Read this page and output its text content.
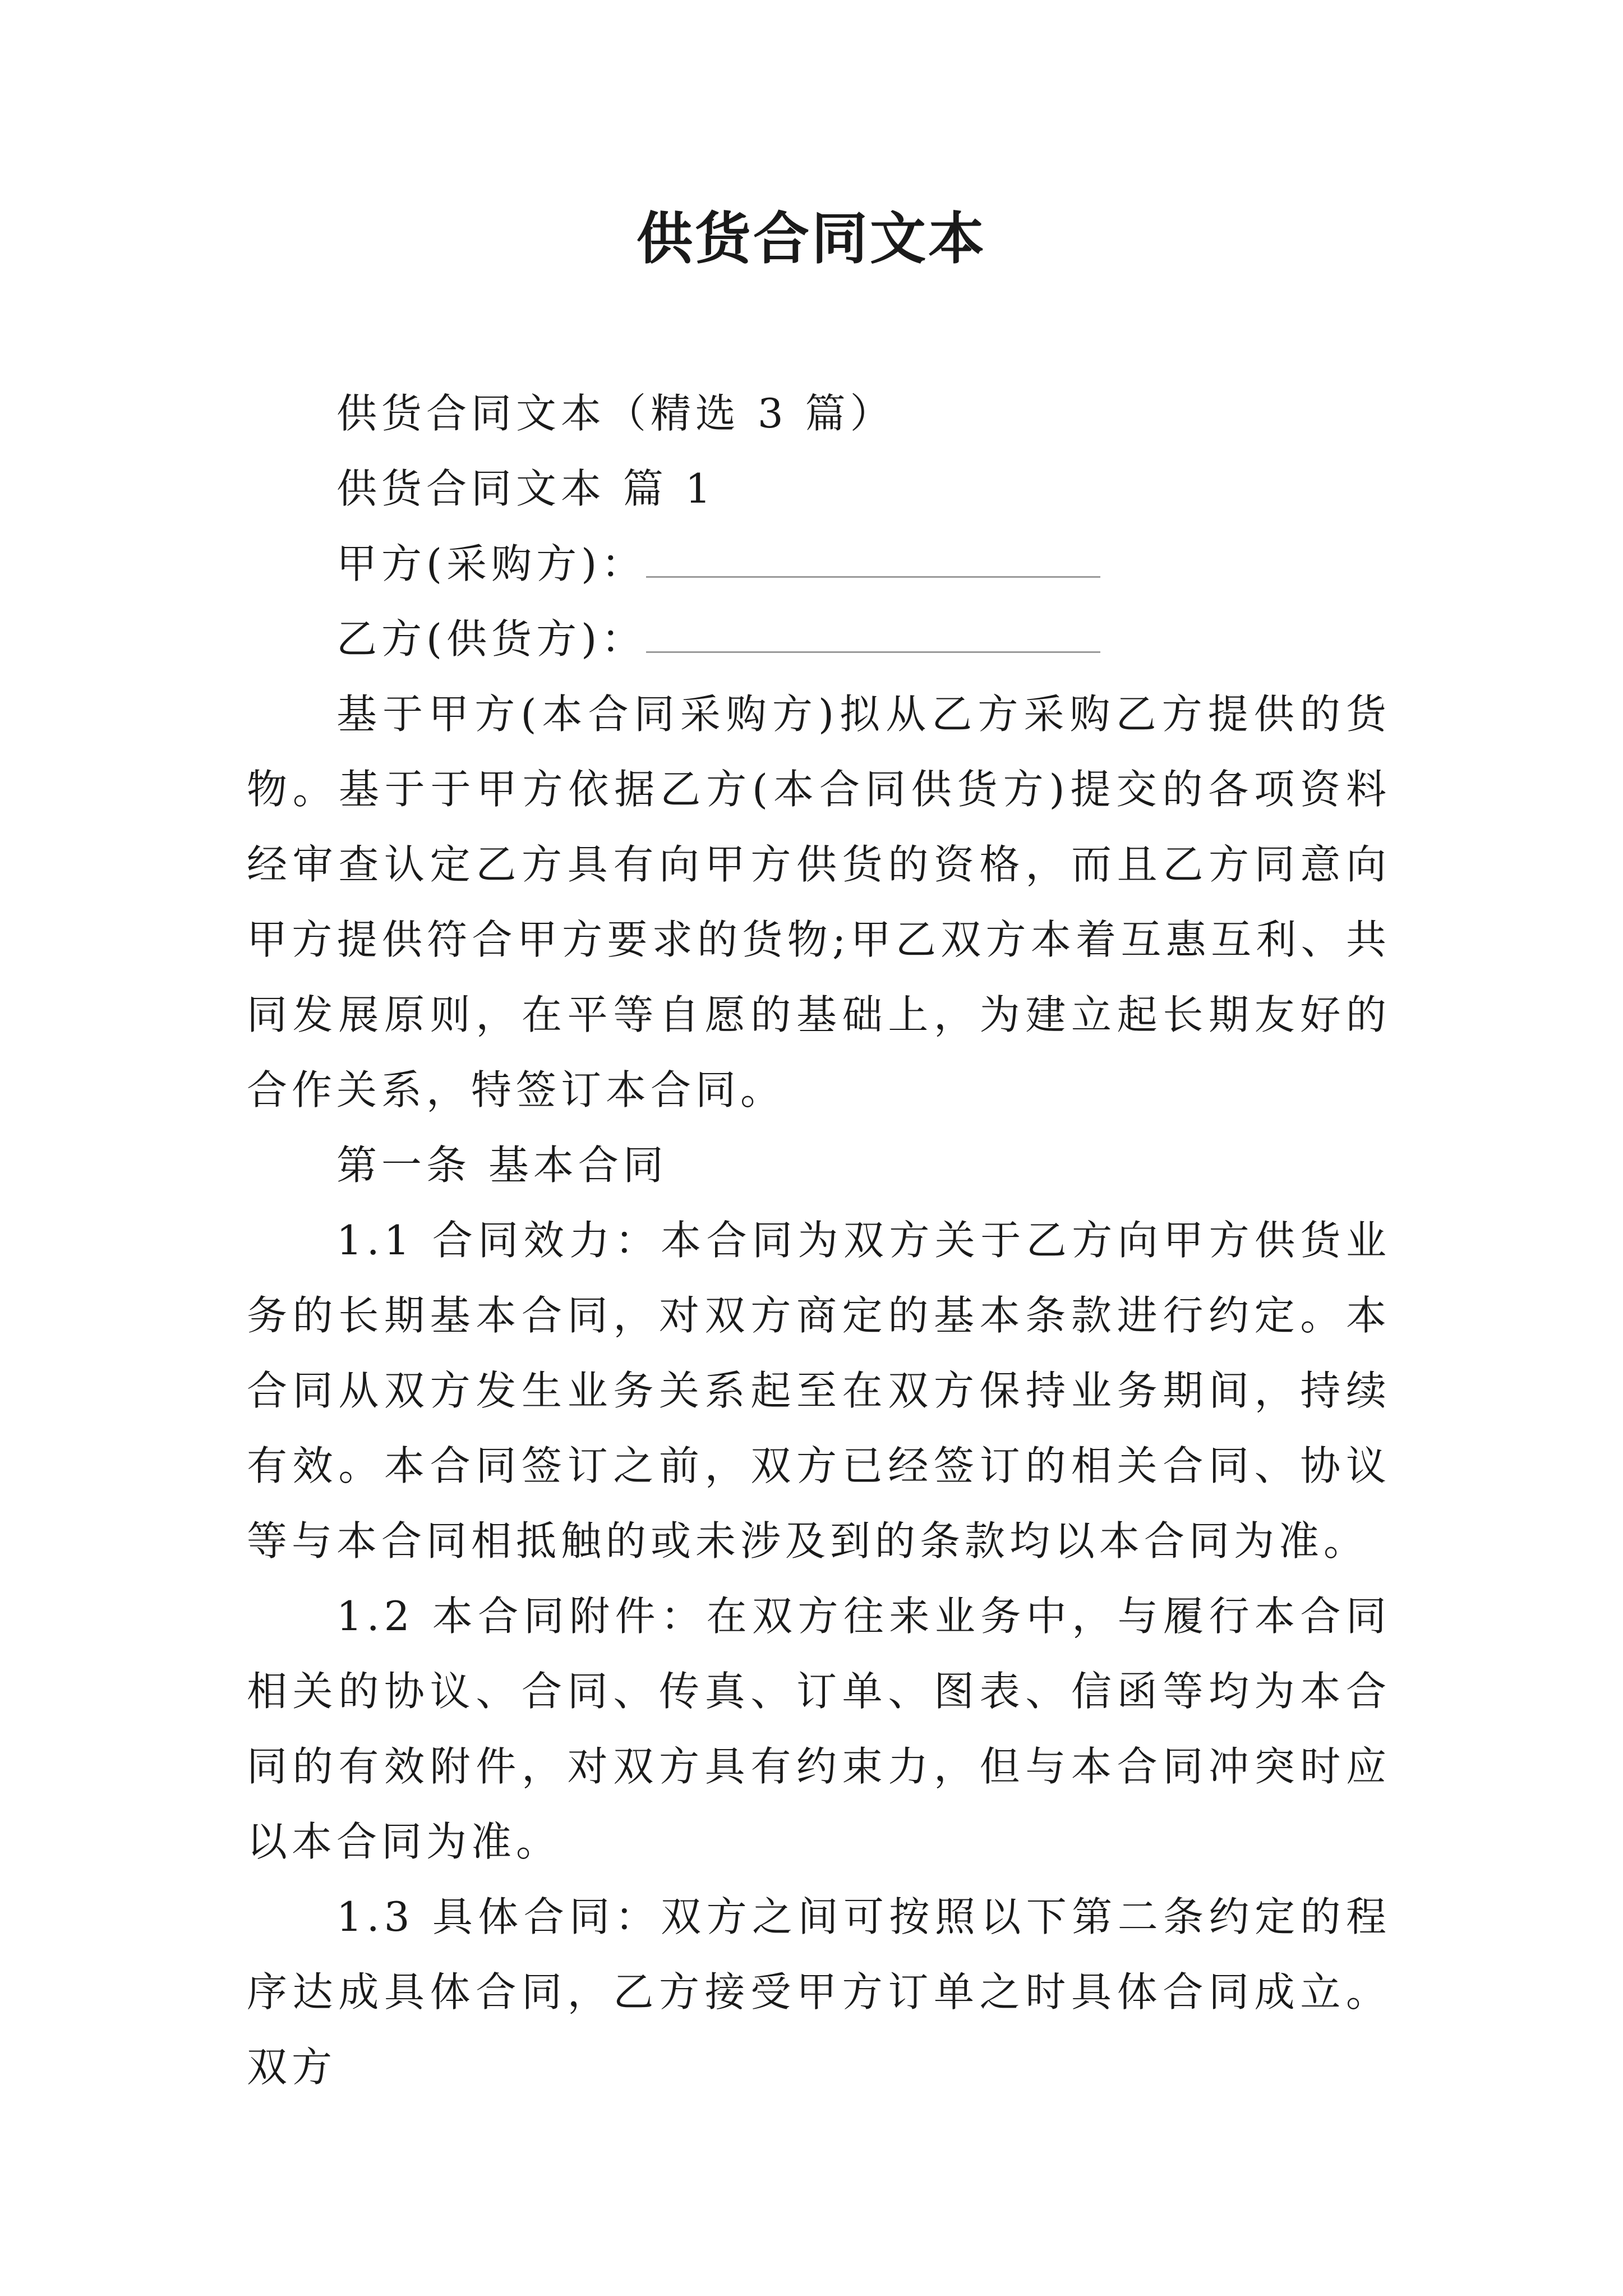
供货合同文本

供货合同文本（精选 3 篇）

供货合同文本 篇 1

甲方(采购方)：

乙方(供货方)：

基于甲方(本合同采购方)拟从乙方采购乙方提供的货物。基于于甲方依据乙方(本合同供货方)提交的各项资料经审查认定乙方具有向甲方供货的资格，而且乙方同意向甲方提供符合甲方要求的货物;甲乙双方本着互惠互利、共同发展原则，在平等自愿的基础上，为建立起长期友好的合作关系，特签订本合同。

第一条 基本合同

1.1 合同效力：本合同为双方关于乙方向甲方供货业务的长期基本合同，对双方商定的基本条款进行约定。本合同从双方发生业务关系起至在双方保持业务期间，持续有效。本合同签订之前，双方已经签订的相关合同、协议等与本合同相抵触的或未涉及到的条款均以本合同为准。

1.2 本合同附件：在双方往来业务中，与履行本合同相关的协议、合同、传真、订单、图表、信函等均为本合同的有效附件，对双方具有约束力，但与本合同冲突时应以本合同为准。

1.3 具体合同：双方之间可按照以下第二条约定的程序达成具体合同，乙方接受甲方订单之时具体合同成立。双方
